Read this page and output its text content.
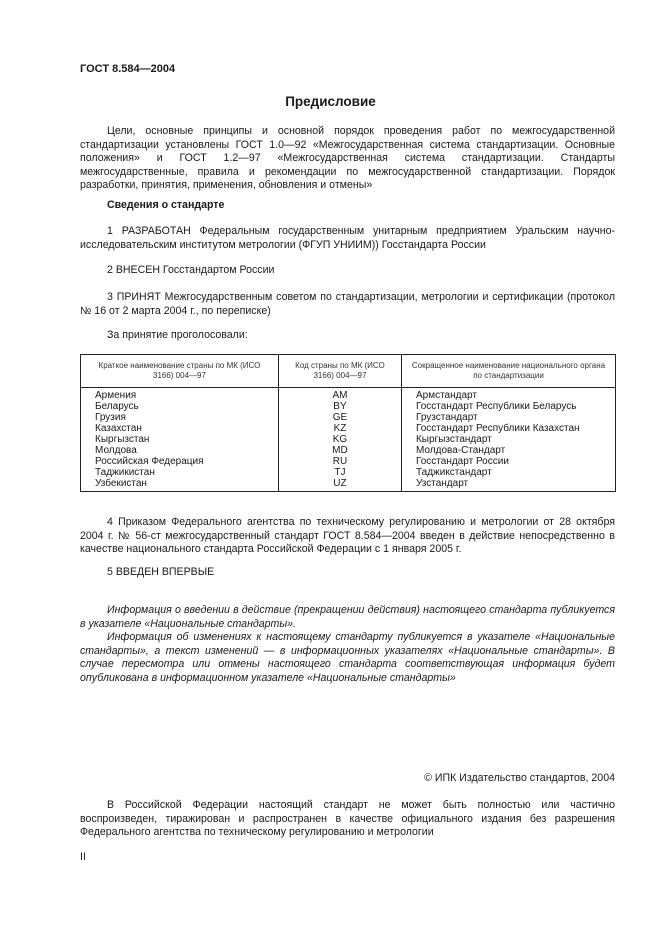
ГОСТ 8.584—2004
Предисловие

Цели, основные принципы и основной порядок проведения работ по межгосударственной стандартизации установлены ГОСТ 1.0—92 «Межгосударственная система стандартизации. Основные положения» и ГОСТ 1.2—97 «Межгосударственная система стандартизации. Стандарты межгосударственные, правила и рекомендации по межгосударственной стандартизации. Порядок разработки, принятия, применения, обновления и отмены»

Сведения о стандарте

1 РАЗРАБОТАН Федеральным государственным унитарным предприятием Уральским научно-исследовательским институтом метрологии (ФГУП УНИИМ)) Госстандарта России

2 ВНЕСЕН Госстандартом России

3 ПРИНЯТ Межгосударственным советом по стандартизации, метрологии и сертификации (протокол № 16 от 2 марта 2004 г., по переписке)

За принятие проголосовали:
Краткое наименование страны по МК (ИСО 3166) 004—97	Код страны по МК (ИСО 3166) 004—97	Сокращенное наименование национального органа по стандартизации
Армения	AM	Армстандарт
Беларусь	BY	Госстандарт Республики Беларусь
Грузия	GE	Грузстандарт
Казахстан	KZ	Госстандарт Республики Казахстан
Кыргызстан	KG	Кыргызстандарт
Молдова	MD	Молдова-Стандарт
Российская Федерация	RU	Госстандарт России
Таджикистан	TJ	Таджикстандарт
Узбекистан	UZ	Узстандарт

4 Приказом Федерального агентства по техническому регулированию и метрологии от 28 октября 2004 г. № 56-ст межгосударственный стандарт ГОСТ 8.584—2004 введен в действие непосредственно в качестве национального стандарта Российской Федерации с 1 января 2005 г.

5 ВВЕДЕН ВПЕРВЫЕ

Информация о введении в действие (прекращении действия) настоящего стандарта публикуется в указателе «Национальные стандарты».

Информация об изменениях к настоящему стандарту публикуется в указателе «Национальные стандарты», а текст изменений — в информационных указателях «Национальные стандарты». В случае пересмотра или отмены настоящего стандарта соответствующая информация будет опубликована в информационном указателе «Национальные стандарты»

© ИПК Издательство стандартов, 2004

В Российской Федерации настоящий стандарт не может быть полностью или частично воспроизведен, тиражирован и распространен в качестве официального издания без разрешения Федерального агентства по техническому регулированию и метрологии

II
